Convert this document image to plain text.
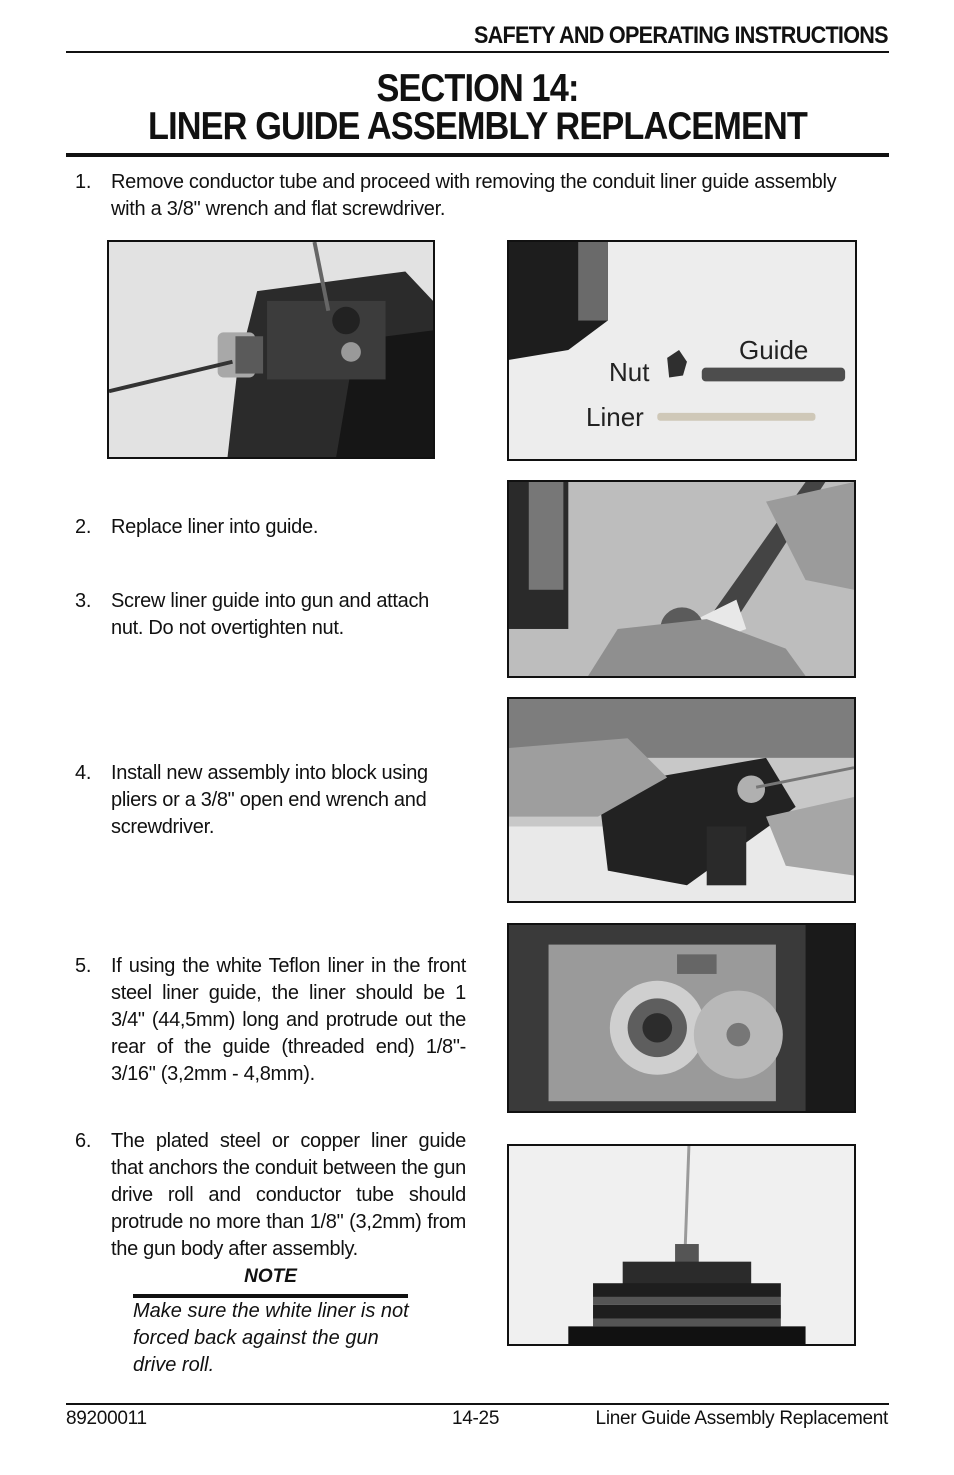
SAFETY AND OPERATING INSTRUCTIONS
SECTION 14:
LINER GUIDE ASSEMBLY REPLACEMENT
1. Remove conductor tube and proceed with removing the conduit liner guide assembly with a 3/8" wrench and flat screwdriver.
Nut
Guide
Liner
2. Replace liner into guide.
3. Screw liner guide into gun and attach nut. Do not overtighten nut.
4. Install new assembly into block using pliers or a 3/8" open end wrench and screwdriver.
5. If using the white Teflon liner in the front steel liner guide, the liner should be 1 3/4" (44,5mm) long and protrude out the rear of the guide (threaded end) 1/8"- 3/16" (3,2mm - 4,8mm).
6. The plated steel or copper liner guide that anchors the conduit between the gun drive roll and conductor tube should protrude no more than 1/8" (3,2mm) from the gun body after assembly.
NOTE
Make sure the white liner is not forced back against the gun drive roll.
89200011	14-25	Liner Guide Assembly Replacement
